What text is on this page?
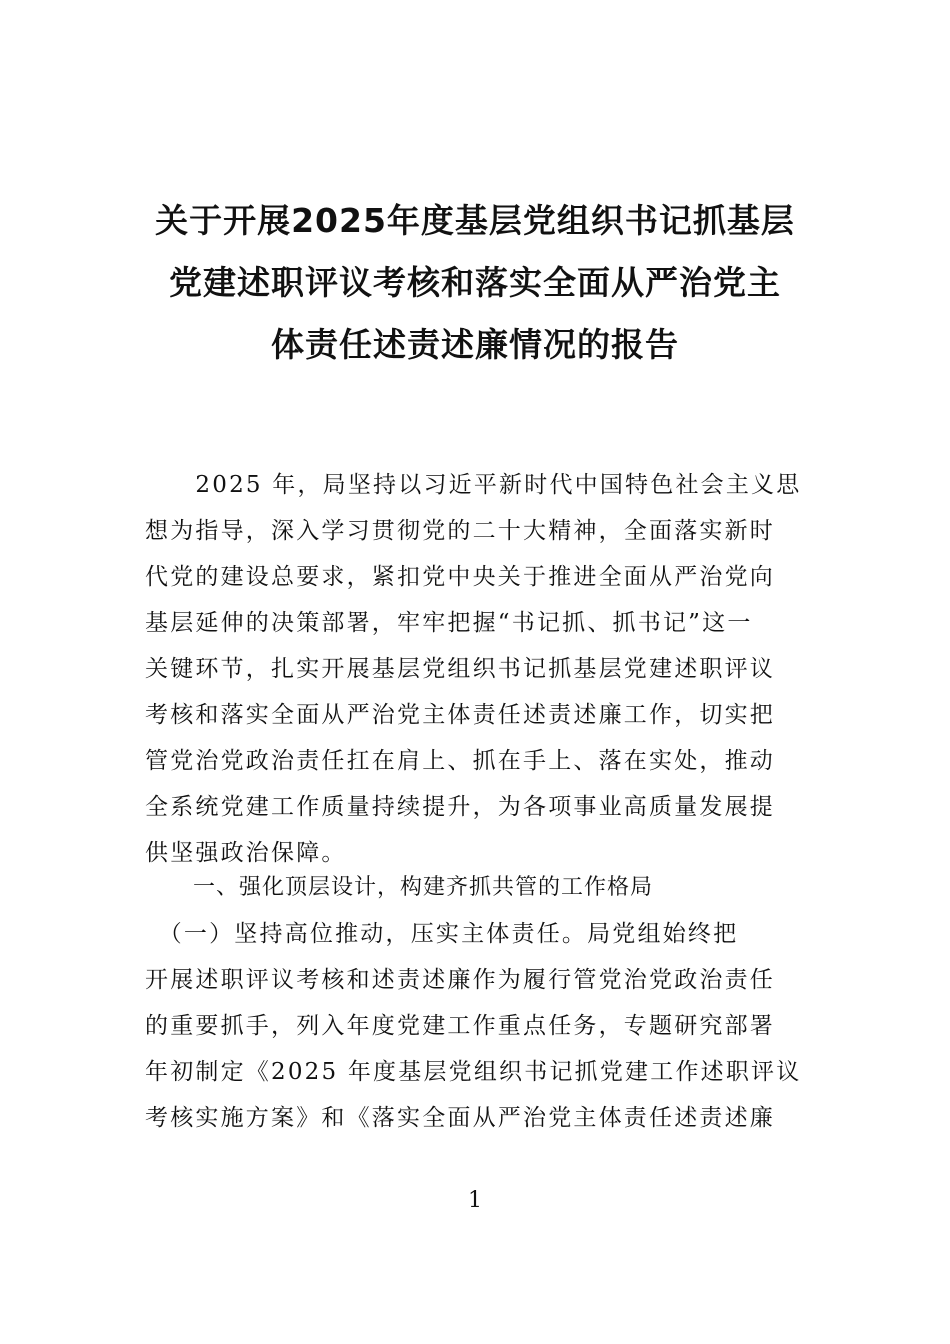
关于开展2025年度基层党组织书记抓基层
党建述职评议考核和落实全面从严治党主
体责任述责述廉情况的报告
　　2025 年，局坚持以习近平新时代中国特色社会主义思
想为指导，深入学习贯彻党的二十大精神，全面落实新时
代党的建设总要求，紧扣党中央关于推进全面从严治党向
基层延伸的决策部署，牢牢把握“书记抓、抓书记”这一
关键环节，扎实开展基层党组织书记抓基层党建述职评议
考核和落实全面从严治党主体责任述责述廉工作，切实把
管党治党政治责任扛在肩上、抓在手上、落在实处，推动
全系统党建工作质量持续提升，为各项事业高质量发展提
供坚强政治保障。
一、强化顶层设计，构建齐抓共管的工作格局
　（一）坚持高位推动，压实主体责任。局党组始终把
开展述职评议考核和述责述廉作为履行管党治党政治责任
的重要抓手，列入年度党建工作重点任务，专题研究部署
年初制定《2025 年度基层党组织书记抓党建工作述职评议
考核实施方案》和《落实全面从严治党主体责任述责述廉
1
